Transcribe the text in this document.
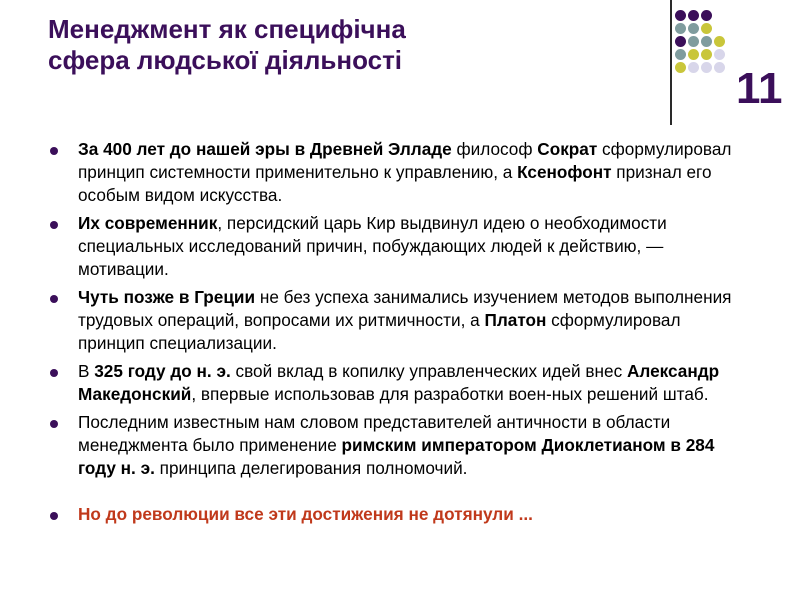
Менеджмент як специфічна
сфера людської діяльності
11

За 400 лет до нашей эры в Древней Элладе философ Сократ сформулировал принцип системности применительно к управлению, а Ксенофонт признал его особым видом искусства.

Их современник, персидский царь Кир выдвинул идею о необходимости специальных исследований причин, побуждающих людей к действию, — мотивации.

Чуть позже в Греции не без успеха занимались изучением методов выполнения трудовых операций, вопросами их ритмичности, а Платон сформулировал принцип специализации.

В 325 году до н. э. свой вклад в копилку управленческих идей внес Александр Македонский, впервые использовав для разработки воен-ных решений штаб.

Последним известным нам словом представителей античности в области менеджмента было применение римским императором Диоклетианом в 284 году н. э. принципа делегирования полномочий.

Но до революции все эти достижения не дотянули ...
